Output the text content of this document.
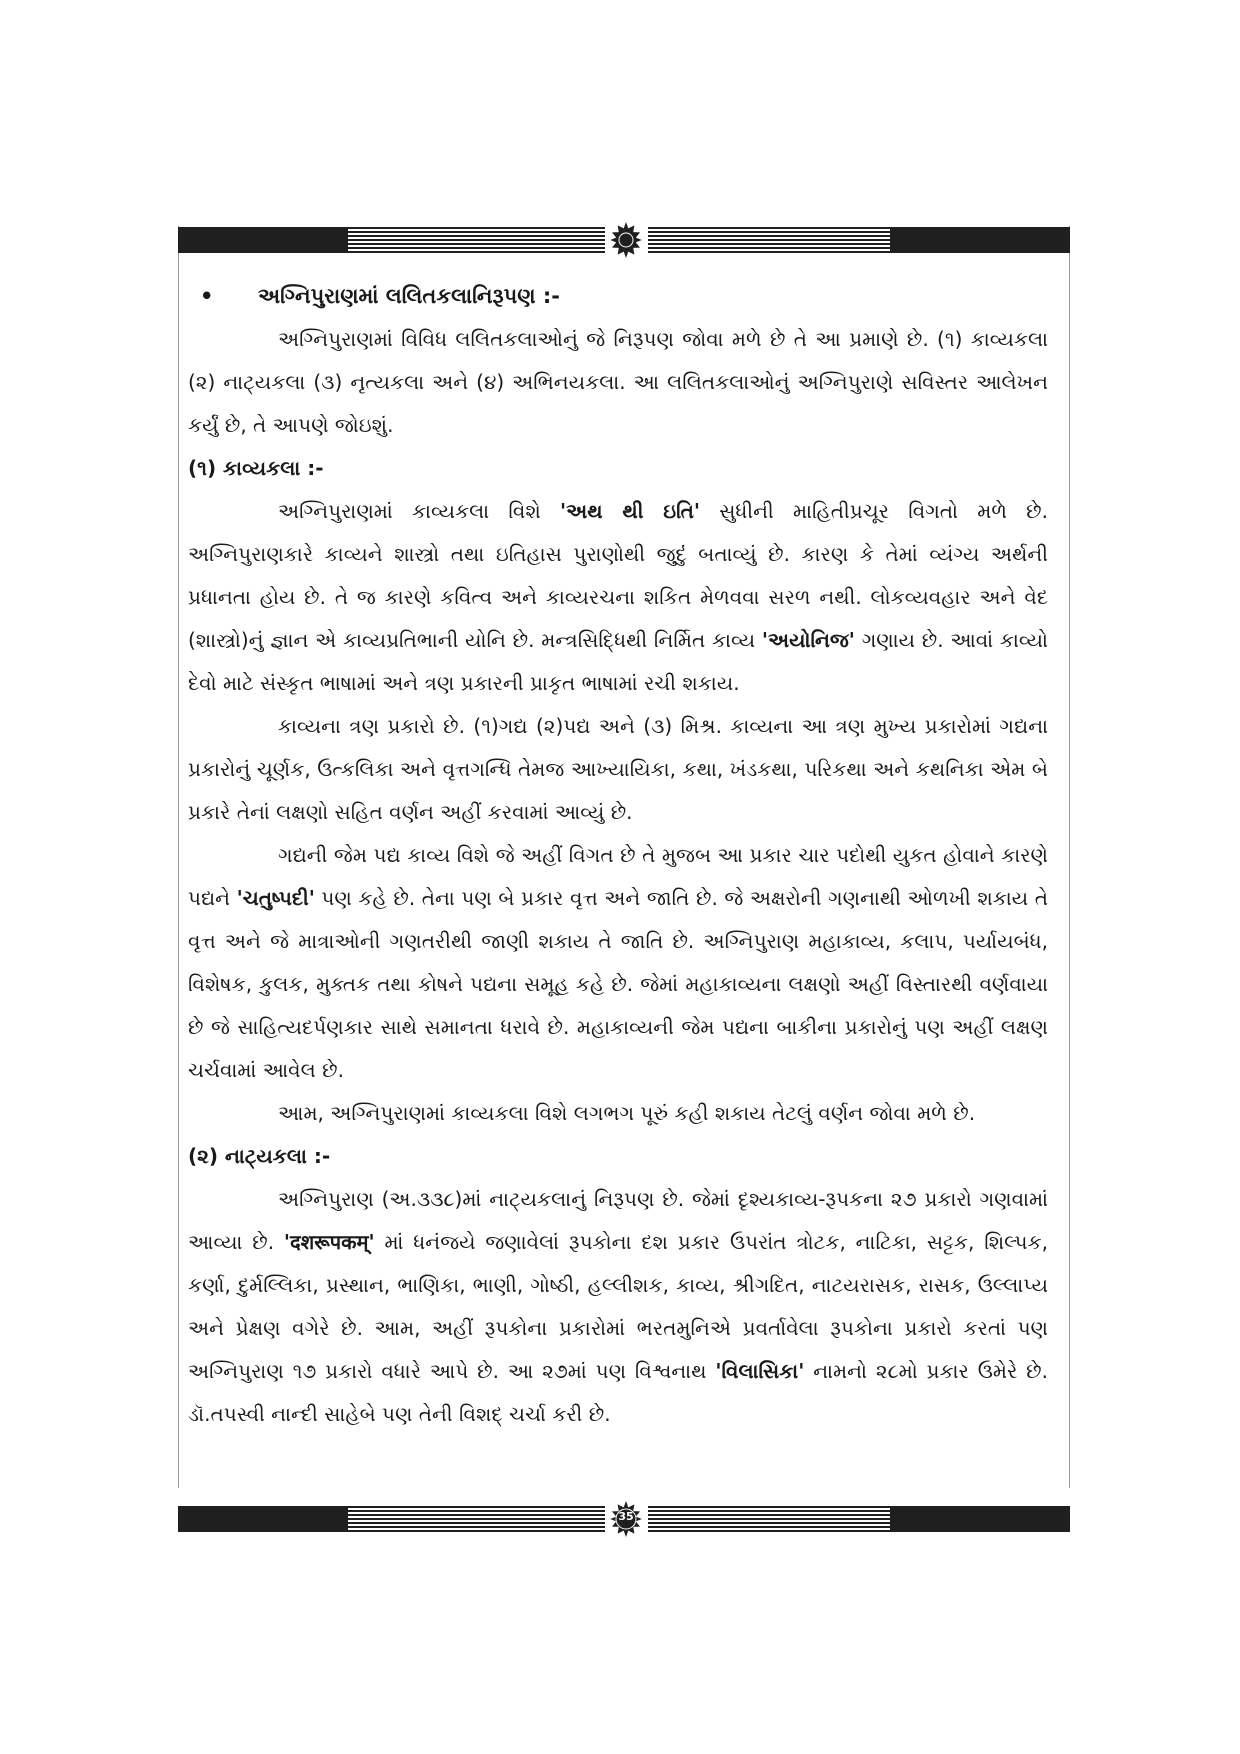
• અગ્નિપુરાણમાં લલિતકલાનિરૂપણ :-

અગ્નિપુરાણમાં વિવિધ લલિતકલાઓનું જે નિરૂપણ જોવા મળે છે તે આ પ્રમાણે છે. (૧) કાવ્યકલા (૨) નાટ્યકલા (૩) નૃત્યકલા અને (૪) અભિનયકલા. આ લલિતકલાઓનું અગ્નિપુરાણે સવિસ્તર આલેખન કર્યું છે, તે આપણે જોઇશું.

(૧) કાવ્યકલા :-

અગ્નિપુરાણમાં કાવ્યકલા વિશે 'અથ થી ઇતિ' સુધીની માહિતીપ્રચૂર વિગતો મળે છે. અગ્નિપુરાણકારે કાવ્યને શાસ્ત્રો તથા ઇતિહાસ પુરાણોથી જુદું બતાવ્યું છે. કારણ કે તેમાં વ્યંગ્ય અર્થની પ્રધાનતા હોય છે. તે જ કારણે કવિત્વ અને કાવ્યરચના શકિત મેળવવા સરળ નથી. લોકવ્યવહાર અને વેદ (શાસ્ત્રો)નું જ્ઞાન એ કાવ્યપ્રતિભાની યોનિ છે. મન્ત્રસિદ્ધિથી નિર્મિત કાવ્ય 'અયોનિજ' ગણાય છે. આવાં કાવ્યો દેવો માટે સંસ્કૃત ભાષામાં અને ત્રણ પ્રકારની પ્રાકૃત ભાષામાં રચી શકાય.

કાવ્યના ત્રણ પ્રકારો છે. (૧)ગદ્ય (૨)પદ્ય અને (૩) મિશ્ર. કાવ્યના આ ત્રણ મુખ્ય પ્રકારોમાં ગદ્યના પ્રકારોનું ચૂર્ણક, ઉત્કલિકા અને વૃત્તગન્ધિ તેમજ આખ્યાયિકા, કથા, ખંડકથા, પરિકથા અને કથનિકા એમ બે પ્રકારે તેનાં લક્ષણો સહિત વર્ણન અહીં કરવામાં આવ્યું છે.

ગદ્યની જેમ પદ્ય કાવ્ય વિશે જે અહીં વિગત છે તે મુજબ આ પ્રકાર ચાર પદોથી યુકત હોવાને કારણે પદ્યને 'ચતુષ્પદી' પણ કહે છે. તેના પણ બે પ્રકાર વૃત્ત અને જાતિ છે. જે અક્ષરોની ગણનાથી ઓળખી શકાય તે વૃત્ત અને જે માત્રાઓની ગણતરીથી જાણી શકાય તે જાતિ છે. અગ્નિપુરાણ મહાકાવ્ય, કલાપ, પર્યાયબંધ, વિશેષક, કુલક, મુક્તક તથા કોષને પદ્યના સમૂહ કહે છે. જેમાં મહાકાવ્યના લક્ષણો અહીં વિસ્તારથી વર્ણવાયા છે જે સાહિત્યદર્પણકાર સાથે સમાનતા ધરાવે છે. મહાકાવ્યની જેમ પદ્યના બાકીના પ્રકારોનું પણ અહીં લક્ષણ ચર્ચવામાં આવેલ છે.

આમ, અગ્નિપુરાણમાં કાવ્યકલા વિશે લગભગ પૂરું કહી શકાય તેટલું વર્ણન જોવા મળે છે.

(૨) નાટ્યકલા :-

અગ્નિપુરાણ (અ.૩૩૮)માં નાટ્યકલાનું નિરૂપણ છે. જેમાં દૃશ્યકાવ્ય-રૂપકના ૨૭ પ્રકારો ગણવામાં આવ્યા છે. 'दशरूपकम्' માં ધનંજયે જણાવેલાં રૂપકોના દશ પ્રકાર ઉપરાંત ત્રોટક, નાટિકા, સટ્ટક, શિલ્પક, કર્ણા, દુર્મલ્લિકા, પ્રસ્થાન, ભાણિકા, ભાણી, ગોષ્ઠી, હલ્લીશક, કાવ્ય, શ્રીગદિત, નાટયરાસક, રાસક, ઉલ્લાપ્ય અને પ્રેક્ષણ વગેરે છે. આમ, અહીં રૂપકોના પ્રકારોમાં ભરતમુનિએ પ્રવર્તાવેલા રૂપકોના પ્રકારો કરતાં પણ અગ્નિપુરાણ ૧૭ પ્રકારો વધારે આપે છે. આ ૨૭માં પણ વિશ્વનાથ 'વિલાસિકા' નામનો ૨૮મો પ્રકાર ઉમેરે છે. ડૉ.તપસ્વી નાન્દી સાહેબે પણ તેની વિશદ્ ચર્ચા કરી છે.

35
